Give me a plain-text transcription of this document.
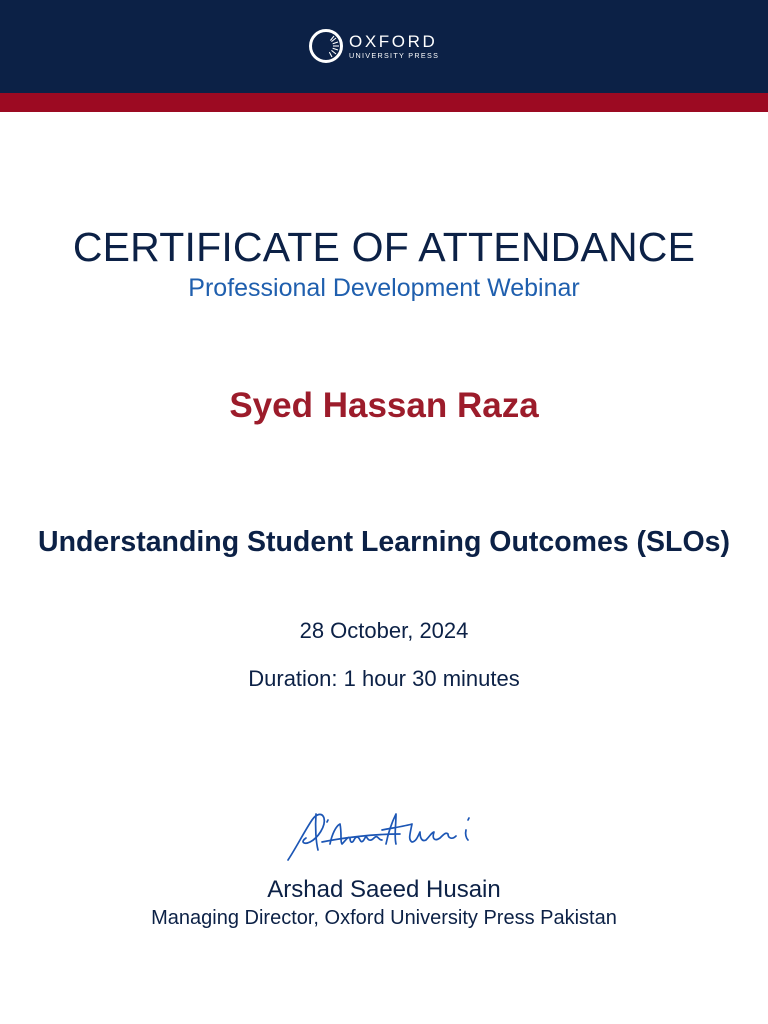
OXFORD
UNIVERSITY PRESS
CERTIFICATE OF ATTENDANCE
Professional Development Webinar
Syed Hassan Raza
Understanding Student Learning Outcomes (SLOs)
28 October, 2024
Duration: 1 hour 30 minutes
Arshad Saeed Husain
Managing Director, Oxford University Press Pakistan
